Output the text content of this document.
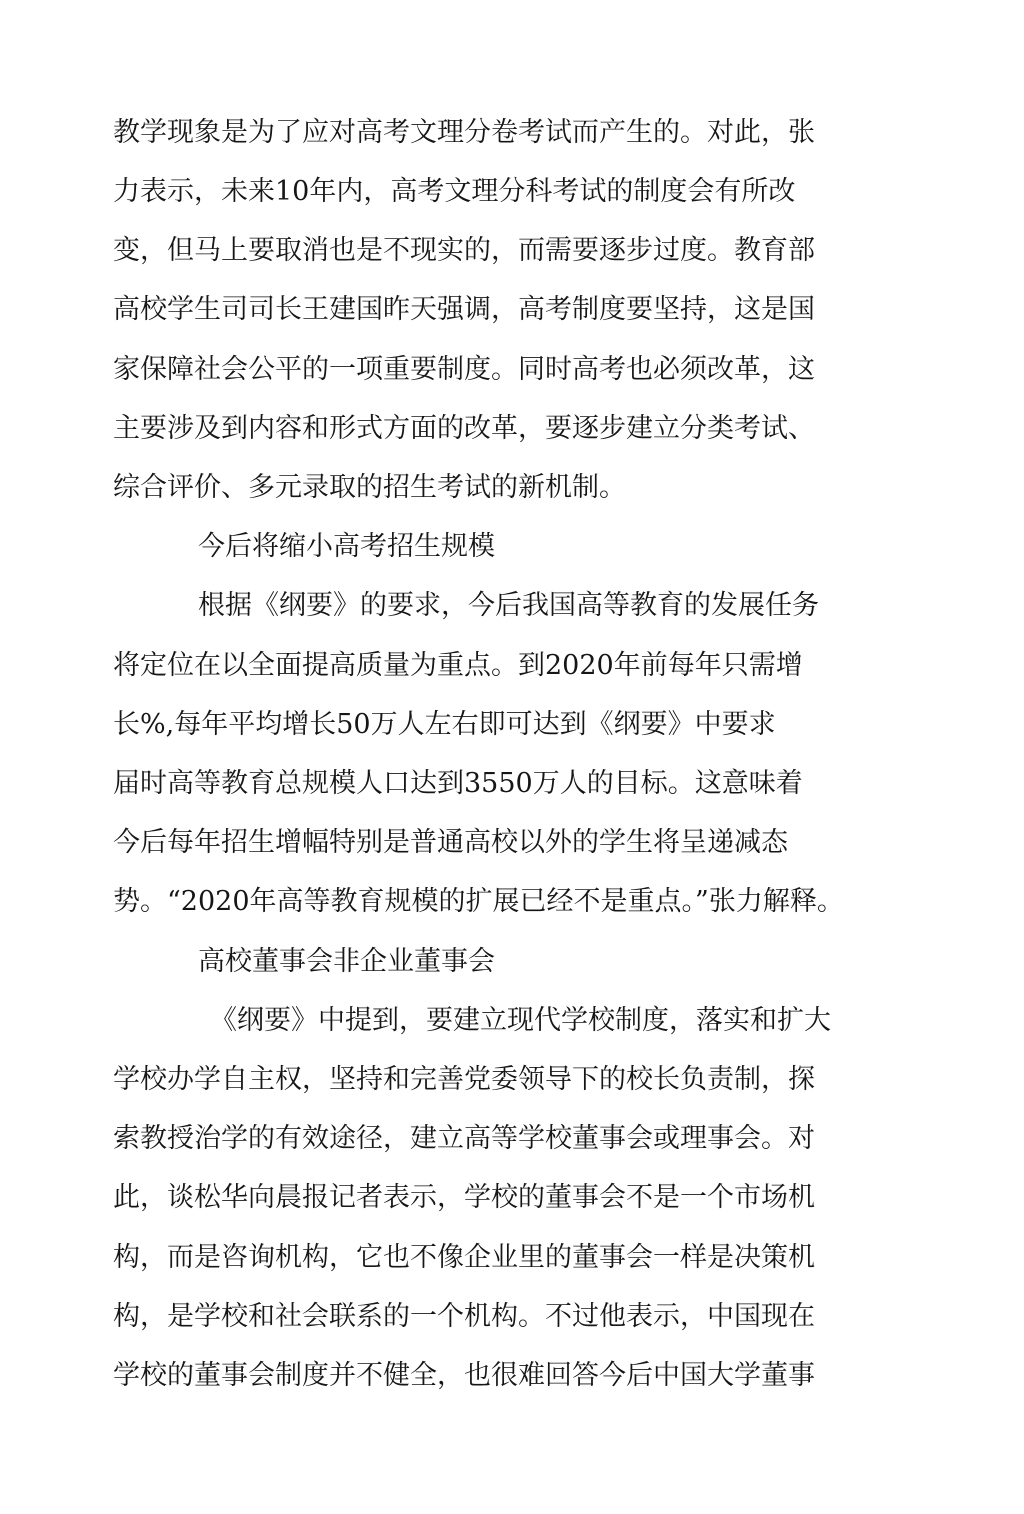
教学现象是为了应对高考文理分卷考试而产生的。对此，张
力表示，未来10年内，高考文理分科考试的制度会有所改
变，但马上要取消也是不现实的，而需要逐步过度。教育部
高校学生司司长王建国昨天强调，高考制度要坚持，这是国
家保障社会公平的一项重要制度。同时高考也必须改革，这
主要涉及到内容和形式方面的改革，要逐步建立分类考试、
综合评价、多元录取的招生考试的新机制。
今后将缩小高考招生规模
根据《纲要》的要求，今后我国高等教育的发展任务
将定位在以全面提高质量为重点。到2020年前每年只需增
长%,每年平均增长50万人左右即可达到《纲要》中要求
届时高等教育总规模人口达到3550万人的目标。这意味着
今后每年招生增幅特别是普通高校以外的学生将呈递减态
势。“2020年高等教育规模的扩展已经不是重点。”张力解释。
高校董事会非企业董事会
《纲要》中提到，要建立现代学校制度，落实和扩大
学校办学自主权，坚持和完善党委领导下的校长负责制，探
索教授治学的有效途径，建立高等学校董事会或理事会。对
此，谈松华向晨报记者表示，学校的董事会不是一个市场机
构，而是咨询机构，它也不像企业里的董事会一样是决策机
构，是学校和社会联系的一个机构。不过他表示，中国现在
学校的董事会制度并不健全，也很难回答今后中国大学董事
